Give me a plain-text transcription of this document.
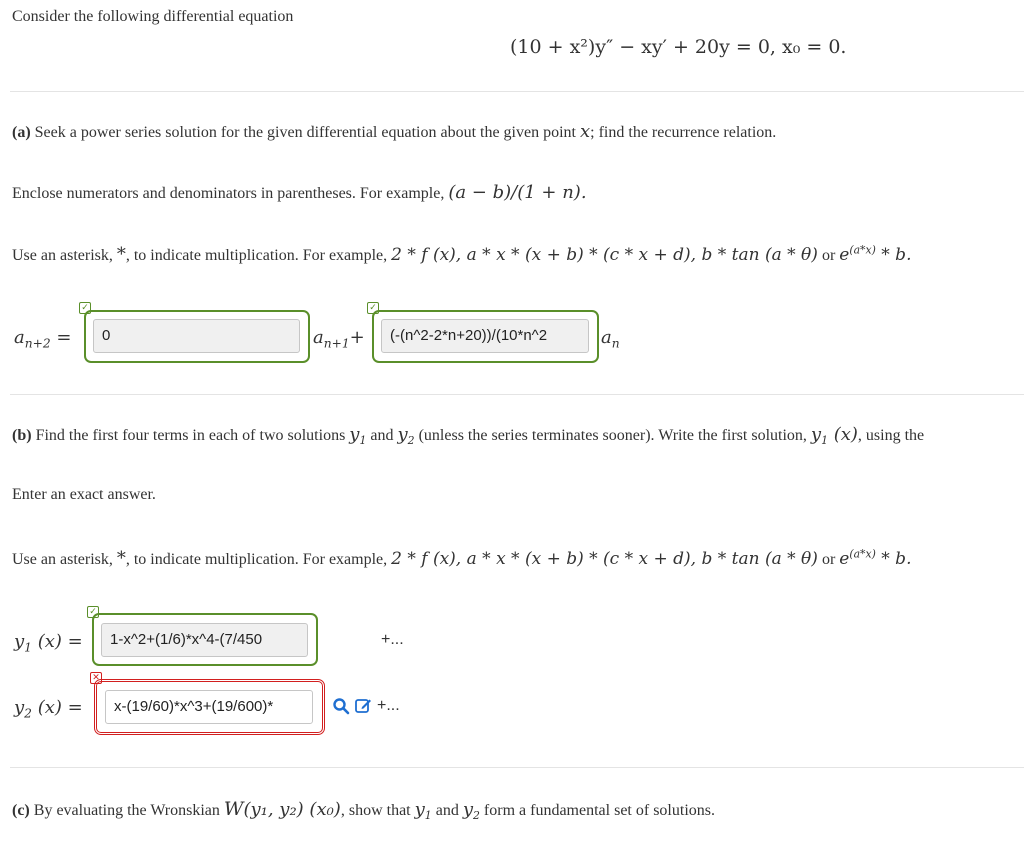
Consider the following differential equation
(10 + x²)y″ − xy′ + 20y = 0, x₀ = 0.
(a) Seek a power series solution for the given differential equation about the given point x; find the recurrence relation.
Enclose numerators and denominators in parentheses. For example, (a − b)/(1 + n).
Use an asterisk, *, to indicate multiplication. For example, 2 * f (x), a * x * (x + b) * (c * x + d), b * tan (a * θ) or $e^{(a*x)}$ * b.
$a_{n+2}$ =
✓
0	$a_{n+1}+$
✓
(-(n^2-2*n+20))/(10*n^2	$a_n$
(b) Find the first four terms in each of two solutions $y_1$ and $y_2$ (unless the series terminates sooner). Write the first solution, $y_1$ (x), using the
Enter an exact answer.
Use an asterisk, *, to indicate multiplication. For example, 2 * f (x), a * x * (x + b) * (c * x + d), b * tan (a * θ) or $e^{(a*x)}$ * b.
$y_1$ (x) =
✓
1-x^2+(1/6)*x^4-(7/450	+...
$y_2$ (x) =
✕
x-(19/60)*x^3+(19/600)*	+...
(c) By evaluating the Wronskian W(y₁, y₂) (x₀), show that $y_1$ and $y_2$ form a fundamental set of solutions.
